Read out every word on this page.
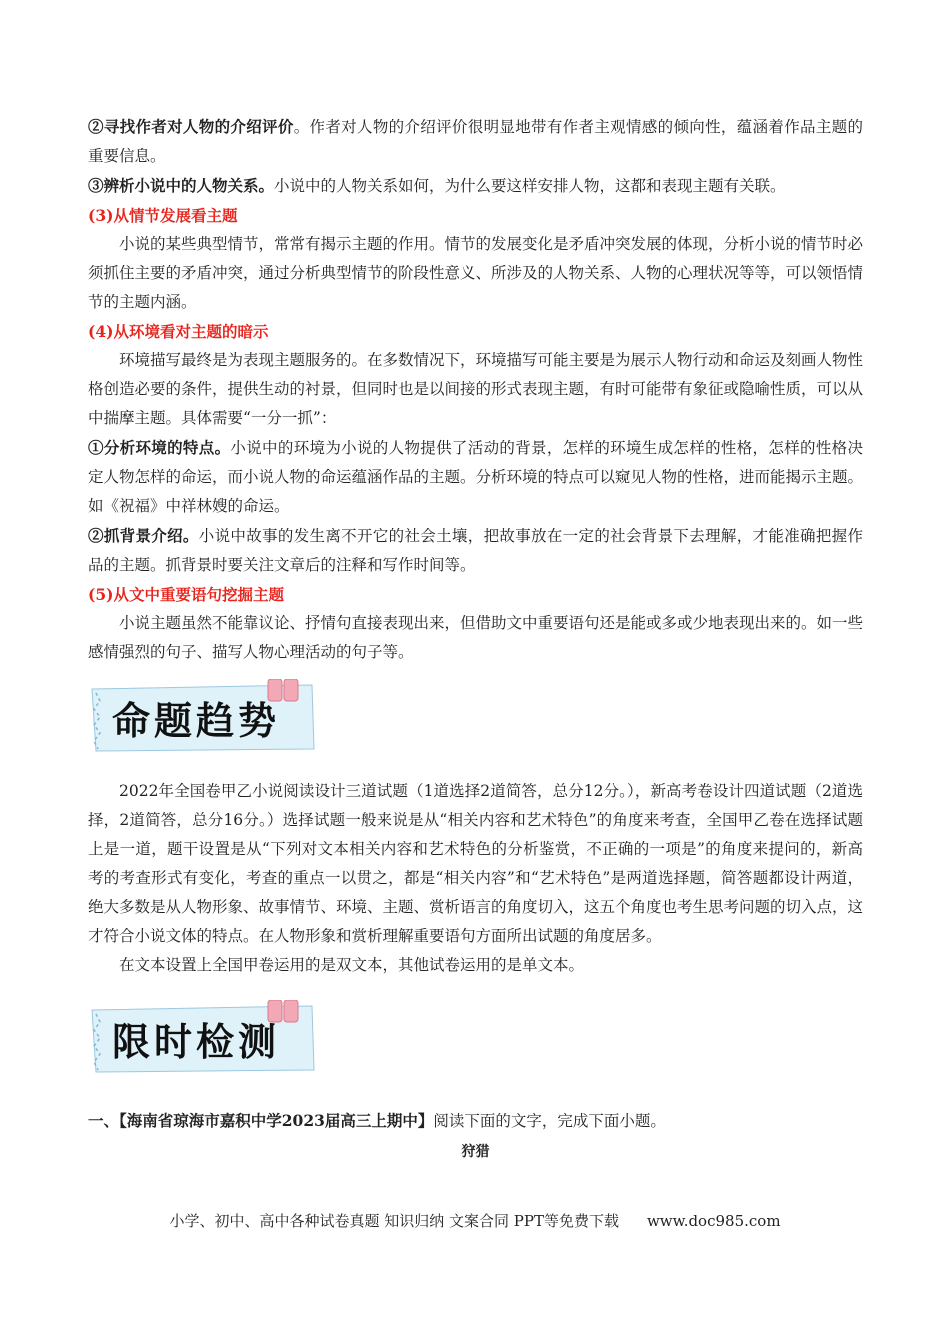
②寻找作者对人物的介绍评价。作者对人物的介绍评价很明显地带有作者主观情感的倾向性，蕴涵着作品主题的重要信息。

③辨析小说中的人物关系。小说中的人物关系如何，为什么要这样安排人物，这都和表现主题有关联。

(3)从情节发展看主题

小说的某些典型情节，常常有揭示主题的作用。情节的发展变化是矛盾冲突发展的体现，分析小说的情节时必须抓住主要的矛盾冲突，通过分析典型情节的阶段性意义、所涉及的人物关系、人物的心理状况等等，可以领悟情节的主题内涵。

(4)从环境看对主题的暗示

环境描写最终是为表现主题服务的。在多数情况下，环境描写可能主要是为展示人物行动和命运及刻画人物性格创造必要的条件，提供生动的衬景，但同时也是以间接的形式表现主题，有时可能带有象征或隐喻性质，可以从中揣摩主题。具体需要“一分一抓”：

①分析环境的特点。小说中的环境为小说的人物提供了活动的背景，怎样的环境生成怎样的性格，怎样的性格决定人物怎样的命运，而小说人物的命运蕴涵作品的主题。分析环境的特点可以窥见人物的性格，进而能揭示主题。如《祝福》中祥林嫂的命运。

②抓背景介绍。小说中故事的发生离不开它的社会土壤，把故事放在一定的社会背景下去理解，才能准确把握作品的主题。抓背景时要关注文章后的注释和写作时间等。

(5)从文中重要语句挖掘主题

小说主题虽然不能靠议论、抒情句直接表现出来，但借助文中重要语句还是能或多或少地表现出来的。如一些感情强烈的句子、描写人物心理活动的句子等。

命题趋势

2022年全国卷甲乙小说阅读设计三道试题（1道选择2道简答，总分12分。），新高考卷设计四道试题（2道选择，2道简答，总分16分。）选择试题一般来说是从“相关内容和艺术特色”的角度来考查，全国甲乙卷在选择试题上是一道，题干设置是从“下列对文本相关内容和艺术特色的分析鉴赏，不正确的一项是”的角度来提问的，新高考的考查形式有变化，考查的重点一以贯之，都是“相关内容”和“艺术特色”是两道选择题，简答题都设计两道，绝大多数是从人物形象、故事情节、环境、主题、赏析语言的角度切入，这五个角度也考生思考问题的切入点，这才符合小说文体的特点。在人物形象和赏析理解重要语句方面所出试题的角度居多。

在文本设置上全国甲卷运用的是双文本，其他试卷运用的是单文本。

限时检测

一、【海南省琼海市嘉积中学2023届高三上期中】阅读下面的文字，完成下面小题。

狩猎

小学、初中、高中各种试卷真题 知识归纳 文案合同 PPT等免费下载 www.doc985.com
